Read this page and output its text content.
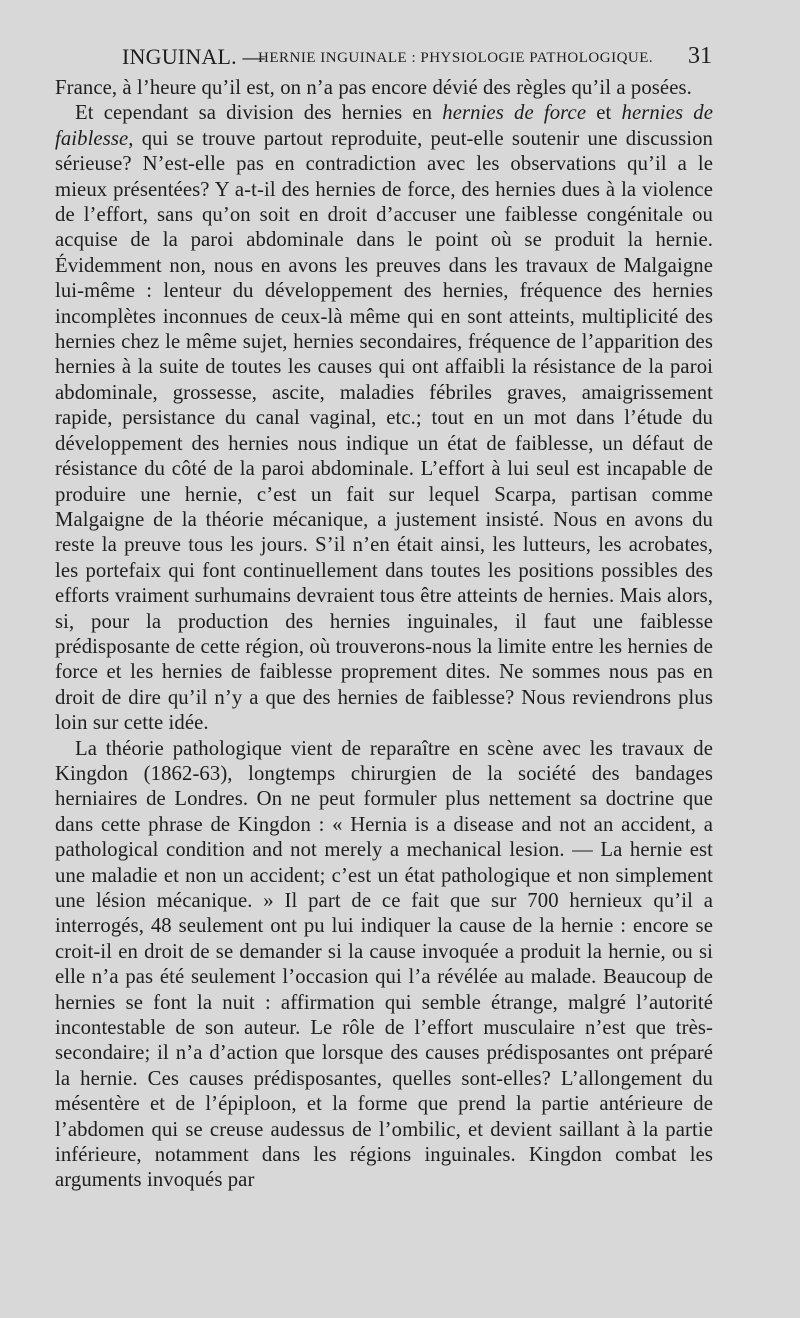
INGUINAL. —
HERNIE INGUINALE : PHYSIOLOGIE PATHOLOGIQUE. 31

France, à l’heure qu’il est, on n’a pas encore dévié des règles qu’il a posées.

Et cependant sa division des hernies en hernies de force et hernies de faiblesse, qui se trouve partout reproduite, peut-elle soutenir une discussion sérieuse? N’est-elle pas en contradiction avec les observations qu’il a le mieux présentées? Y a-t-il des hernies de force, des hernies dues à la violence de l’effort, sans qu’on soit en droit d’accuser une faiblesse congénitale ou acquise de la paroi abdominale dans le point où se produit la hernie. Évidemment non, nous en avons les preuves dans les travaux de Malgaigne lui-même : lenteur du développement des hernies, fréquence des hernies incomplètes inconnues de ceux-là même qui en sont atteints, multiplicité des hernies chez le même sujet, hernies secondaires, fréquence de l’apparition des hernies à la suite de toutes les causes qui ont affaibli la résistance de la paroi abdominale, grossesse, ascite, maladies fébriles graves, amaigrissement rapide, persistance du canal vaginal, etc.; tout en un mot dans l’étude du développement des hernies nous indique un état de faiblesse, un défaut de résistance du côté de la paroi abdominale. L’effort à lui seul est incapable de produire une hernie, c’est un fait sur lequel Scarpa, partisan comme Malgaigne de la théorie mécanique, a justement insisté. Nous en avons du reste la preuve tous les jours. S’il n’en était ainsi, les lutteurs, les acrobates, les portefaix qui font continuellement dans toutes les positions possibles des efforts vraiment surhumains devraient tous être atteints de hernies. Mais alors, si, pour la production des hernies inguinales, il faut une faiblesse prédisposante de cette région, où trouverons-nous la limite entre les hernies de force et les hernies de faiblesse proprement dites. Ne sommes nous pas en droit de dire qu’il n’y a que des hernies de faiblesse? Nous reviendrons plus loin sur cette idée.

La théorie pathologique vient de reparaître en scène avec les travaux de Kingdon (1862-63), longtemps chirurgien de la société des bandages herniaires de Londres. On ne peut formuler plus nettement sa doctrine que dans cette phrase de Kingdon : « Hernia is a disease and not an accident, a pathological condition and not merely a mechanical lesion. — La hernie est une maladie et non un accident; c’est un état pathologique et non simplement une lésion mécanique. » Il part de ce fait que sur 700 hernieux qu’il a interrogés, 48 seulement ont pu lui indiquer la cause de la hernie : encore se croit-il en droit de se demander si la cause invoquée a produit la hernie, ou si elle n’a pas été seulement l’occasion qui l’a révélée au malade. Beaucoup de hernies se font la nuit : affirmation qui semble étrange, malgré l’autorité incontestable de son auteur. Le rôle de l’effort musculaire n’est que très-secondaire; il n’a d’action que lorsque des causes prédisposantes ont préparé la hernie. Ces causes prédisposantes, quelles sont-elles? L’allongement du mésentère et de l’épiploon, et la forme que prend la partie antérieure de l’abdomen qui se creuse audessus de l’ombilic, et devient saillant à la partie inférieure, notamment dans les régions inguinales. Kingdon combat les arguments invoqués par
